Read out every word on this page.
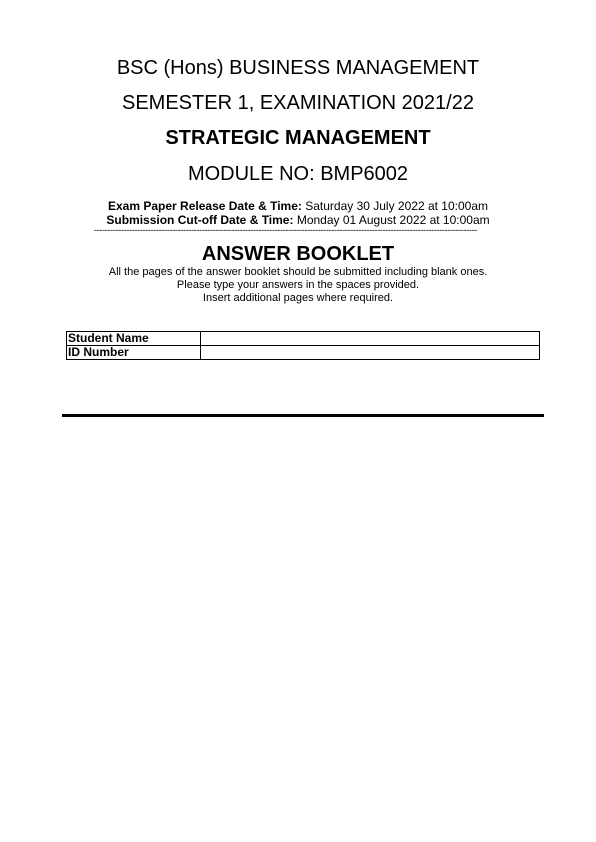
BSC (Hons) BUSINESS MANAGEMENT
SEMESTER 1, EXAMINATION 2021/22
STRATEGIC MANAGEMENT
MODULE NO: BMP6002
Exam Paper Release Date & Time: Saturday 30 July 2022 at 10:00am
Submission Cut-off Date & Time: Monday 01 August 2022 at 10:00am
----------------------------------------------------------------------------------------------------------------------------------------------
ANSWER BOOKLET
All the pages of the answer booklet should be submitted including blank ones.
Please type your answers in the spaces provided.
Insert additional pages where required.
Student Name	
ID Number	
